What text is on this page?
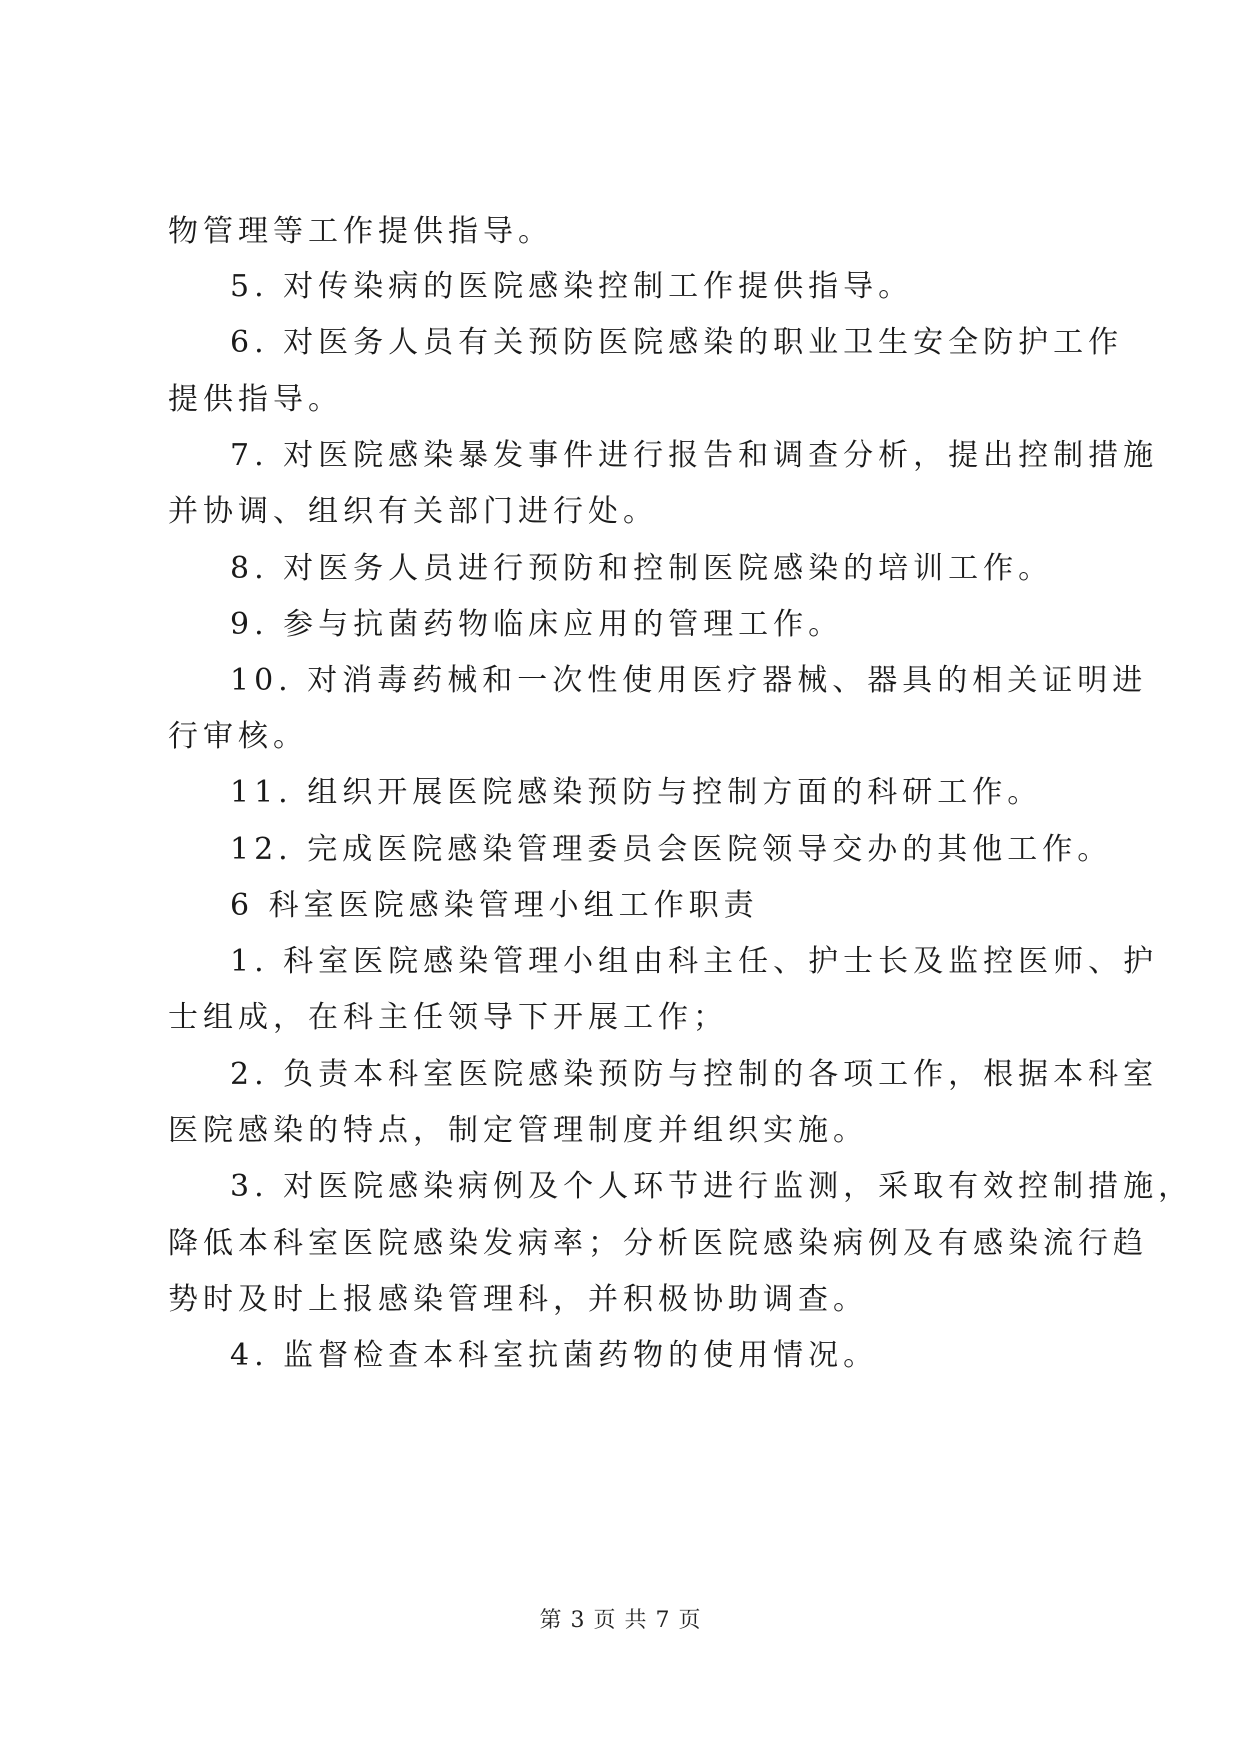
物管理等工作提供指导。
5. 对传染病的医院感染控制工作提供指导。
6. 对医务人员有关预防医院感染的职业卫生安全防护工作
提供指导。
7. 对医院感染暴发事件进行报告和调查分析，提出控制措施
并协调、组织有关部门进行处。
8. 对医务人员进行预防和控制医院感染的培训工作。
9. 参与抗菌药物临床应用的管理工作。
10. 对消毒药械和一次性使用医疗器械、器具的相关证明进
行审核。
11. 组织开展医院感染预防与控制方面的科研工作。
12. 完成医院感染管理委员会医院领导交办的其他工作。
6 科室医院感染管理小组工作职责
1. 科室医院感染管理小组由科主任、护士长及监控医师、护
士组成，在科主任领导下开展工作；
2. 负责本科室医院感染预防与控制的各项工作，根据本科室
医院感染的特点，制定管理制度并组织实施。
3. 对医院感染病例及个人环节进行监测，采取有效控制措施，
降低本科室医院感染发病率；分析医院感染病例及有感染流行趋
势时及时上报感染管理科，并积极协助调查。
4. 监督检查本科室抗菌药物的使用情况。
第 3 页 共 7 页
